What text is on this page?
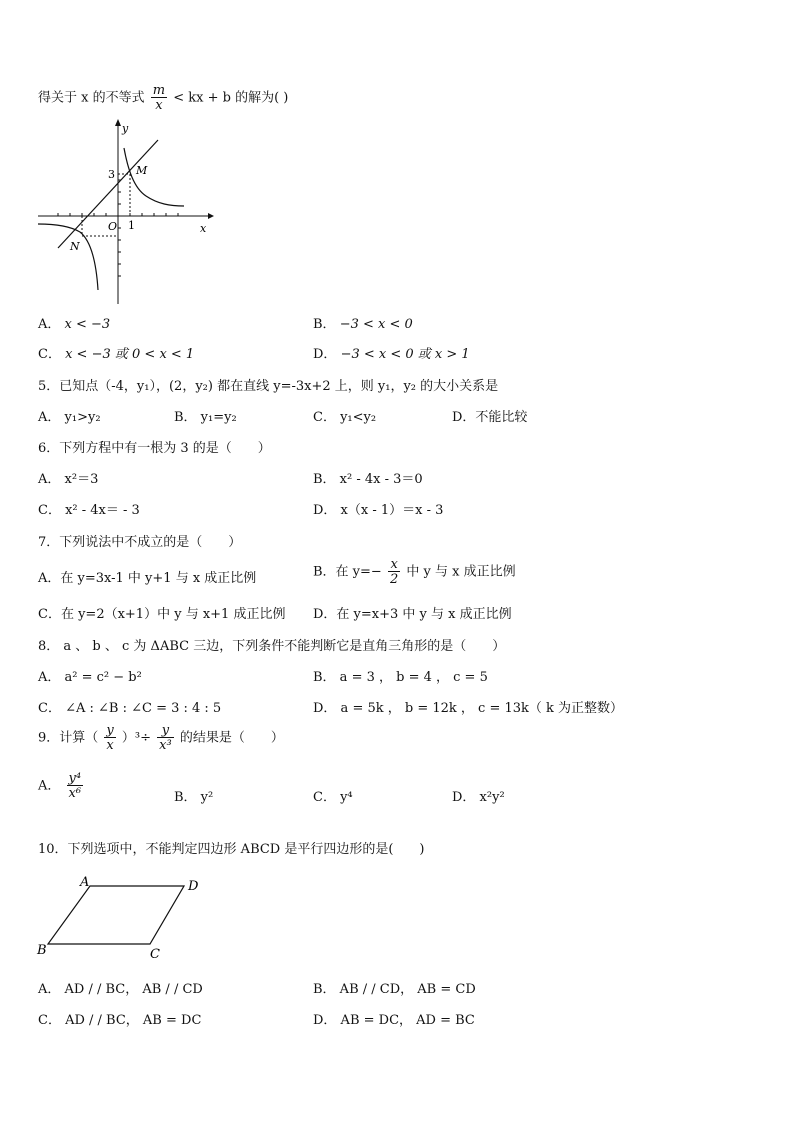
得关于 x 的不等式 $\frac{m}{x}$ < kx + b 的解为( )
y
x
3 M
O 1
N
A． x < −3	B． −3 < x < 0
C． x < −3 或 0 < x < 1	D． −3 < x < 0 或 x > 1
5．已知点（-4，y₁），(2，y₂) 都在直线 y=-3x+2 上，则 y₁，y₂ 的大小关系是
A． y₁>y₂	B． y₁=y₂	C． y₁<y₂	D．不能比较
6．下列方程中有一根为 3 的是（　　）
A． x²＝3	B． x² - 4x - 3＝0
C． x² - 4x＝ - 3	D． x（x - 1）＝x - 3
7．下列说法中不成立的是（　　）
A．在 y=3x-1 中 y+1 与 x 成正比例	B．在 $y=- \frac{x}{2}$ 中 y 与 x 成正比例
C．在 y=2（x+1）中 y 与 x+1 成正比例 D．在 y=x+3 中 y 与 x 成正比例
8． a 、 b 、 c 为 ΔABC 三边，下列条件不能判断它是直角三角形的是（　　）
A． a² = c² − b²	B． a = 3 ， b = 4 ， c = 5
C． ∠A : ∠B : ∠C = 3 : 4 : 5	D． a = 5k ， b = 12k ， c = 13k（ k 为正整数）
9．计算（ $\frac{y}{x} )^3\div \frac{y}{\text{x³}}$ 的结果是（　　）
A． $\frac{\text{y⁴}}{\text{x⁶}}$	B． y²	C． y⁴	D． x²y²
10．下列选项中，不能判定四边形 ABCD 是平行四边形的是(　　)
A	D
B	C
A． AD / / BC， AB / / CD	B． AB / / CD， AB = CD
C． AD / / BC， AB = DC	D． AB = DC， AD = BC
